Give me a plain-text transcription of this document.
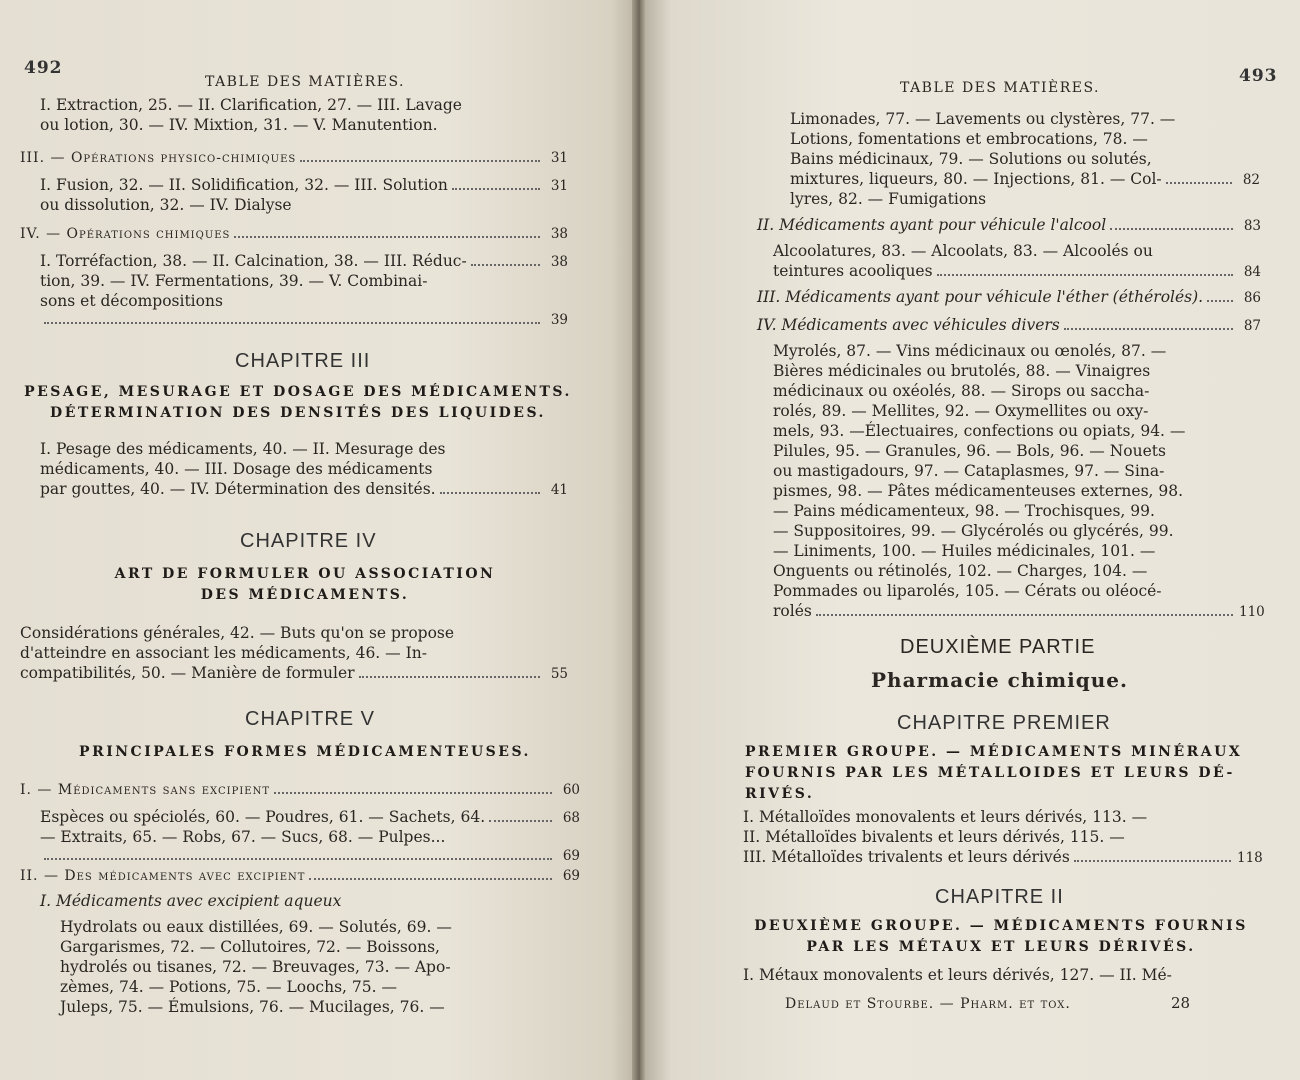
492
TABLE DES MATIÈRES.
I. Extraction, 25. — II. Clarification, 27. — III. Lavage
ou lotion, 30. — IV. Mixtion, 31. — V. Manutention.
III. — Opérations physico-chimiques	31
I. Fusion, 32. — II. Solidification, 32. — III. Solution	31
ou dissolution, 32. — IV. Dialyse
IV. — Opérations chimiques	38
I. Torréfaction, 38. — II. Calcination, 38. — III. Réduc-	38
tion, 39. — IV. Fermentations, 39. — V. Combinai-
sons et décompositions
39
CHAPITRE III
PESAGE, MESURAGE ET DOSAGE DES MÉDICAMENTS. DÉTERMINATION DES DENSITÉS DES LIQUIDES.
I. Pesage des médicaments, 40. — II. Mesurage des
médicaments, 40. — III. Dosage des médicaments
par gouttes, 40. — IV. Détermination des densités.	41
CHAPITRE IV
ART DE FORMULER OU ASSOCIATION DES MÉDICAMENTS.
Considérations générales, 42. — Buts qu'on se propose
d'atteindre en associant les médicaments, 46. — In-
compatibilités, 50. — Manière de formuler	55
CHAPITRE V
PRINCIPALES FORMES MÉDICAMENTEUSES.
I. — Médicaments sans excipient	60
Espèces ou spéciolés, 60. — Poudres, 61. — Sachets, 64.	68
— Extraits, 65. — Robs, 67. — Sucs, 68. — Pulpes...
69
II. — Des médicaments avec excipient	69
I. Médicaments avec excipient aqueux
Hydrolats ou eaux distillées, 69. — Solutés, 69. —
Gargarismes, 72. — Collutoires, 72. — Boissons,
hydrolés ou tisanes, 72. — Breuvages, 73. — Apo-
zèmes, 74. — Potions, 75. — Loochs, 75. —
Juleps, 75. — Émulsions, 76. — Mucilages, 76. —
TABLE DES MATIÈRES.
493
Limonades, 77. — Lavements ou clystères, 77. —
Lotions, fomentations et embrocations, 78. —
Bains médicinaux, 79. — Solutions ou solutés,
mixtures, liqueurs, 80. — Injections, 81. — Col-	82
lyres, 82. — Fumigations
II. Médicaments ayant pour véhicule l'alcool	83
Alcoolatures, 83. — Alcoolats, 83. — Alcoolés ou
teintures acooliques	84
III. Médicaments ayant pour véhicule l'éther (éthérolés).	86
IV. Médicaments avec véhicules divers	87
Myrolés, 87. — Vins médicinaux ou œnolés, 87. —
Bières médicinales ou brutolés, 88. — Vinaigres
médicinaux ou oxéolés, 88. — Sirops ou saccha-
rolés, 89. — Mellites, 92. — Oxymellites ou oxy-
mels, 93. —Électuaires, confections ou opiats, 94. —
Pilules, 95. — Granules, 96. — Bols, 96. — Nouets
ou mastigadours, 97. — Cataplasmes, 97. — Sina-
pismes, 98. — Pâtes médicamenteuses externes, 98.
— Pains médicamenteux, 98. — Trochisques, 99.
— Suppositoires, 99. — Glycérolés ou glycérés, 99.
— Liniments, 100. — Huiles médicinales, 101. —
Onguents ou rétinolés, 102. — Charges, 104. —
Pommades ou liparolés, 105. — Cérats ou oléocé-
rolés	110
DEUXIÈME PARTIE
Pharmacie chimique.
CHAPITRE PREMIER
PREMIER GROUPE. — MÉDICAMENTS MINÉRAUX FOURNIS PAR LES MÉTALLOIDES ET LEURS DÉ-RIVÉS.
I. Métalloïdes monovalents et leurs dérivés, 113. —
II. Métalloïdes bivalents et leurs dérivés, 115. —
III. Métalloïdes trivalents et leurs dérivés	118
CHAPITRE II
DEUXIÈME GROUPE. — MÉDICAMENTS FOURNIS PAR LES MÉTAUX ET LEURS DÉRIVÉS.
I. Métaux monovalents et leurs dérivés, 127. — II. Mé-
Delaud et Stourbe. — Pharm. et tox.	28
